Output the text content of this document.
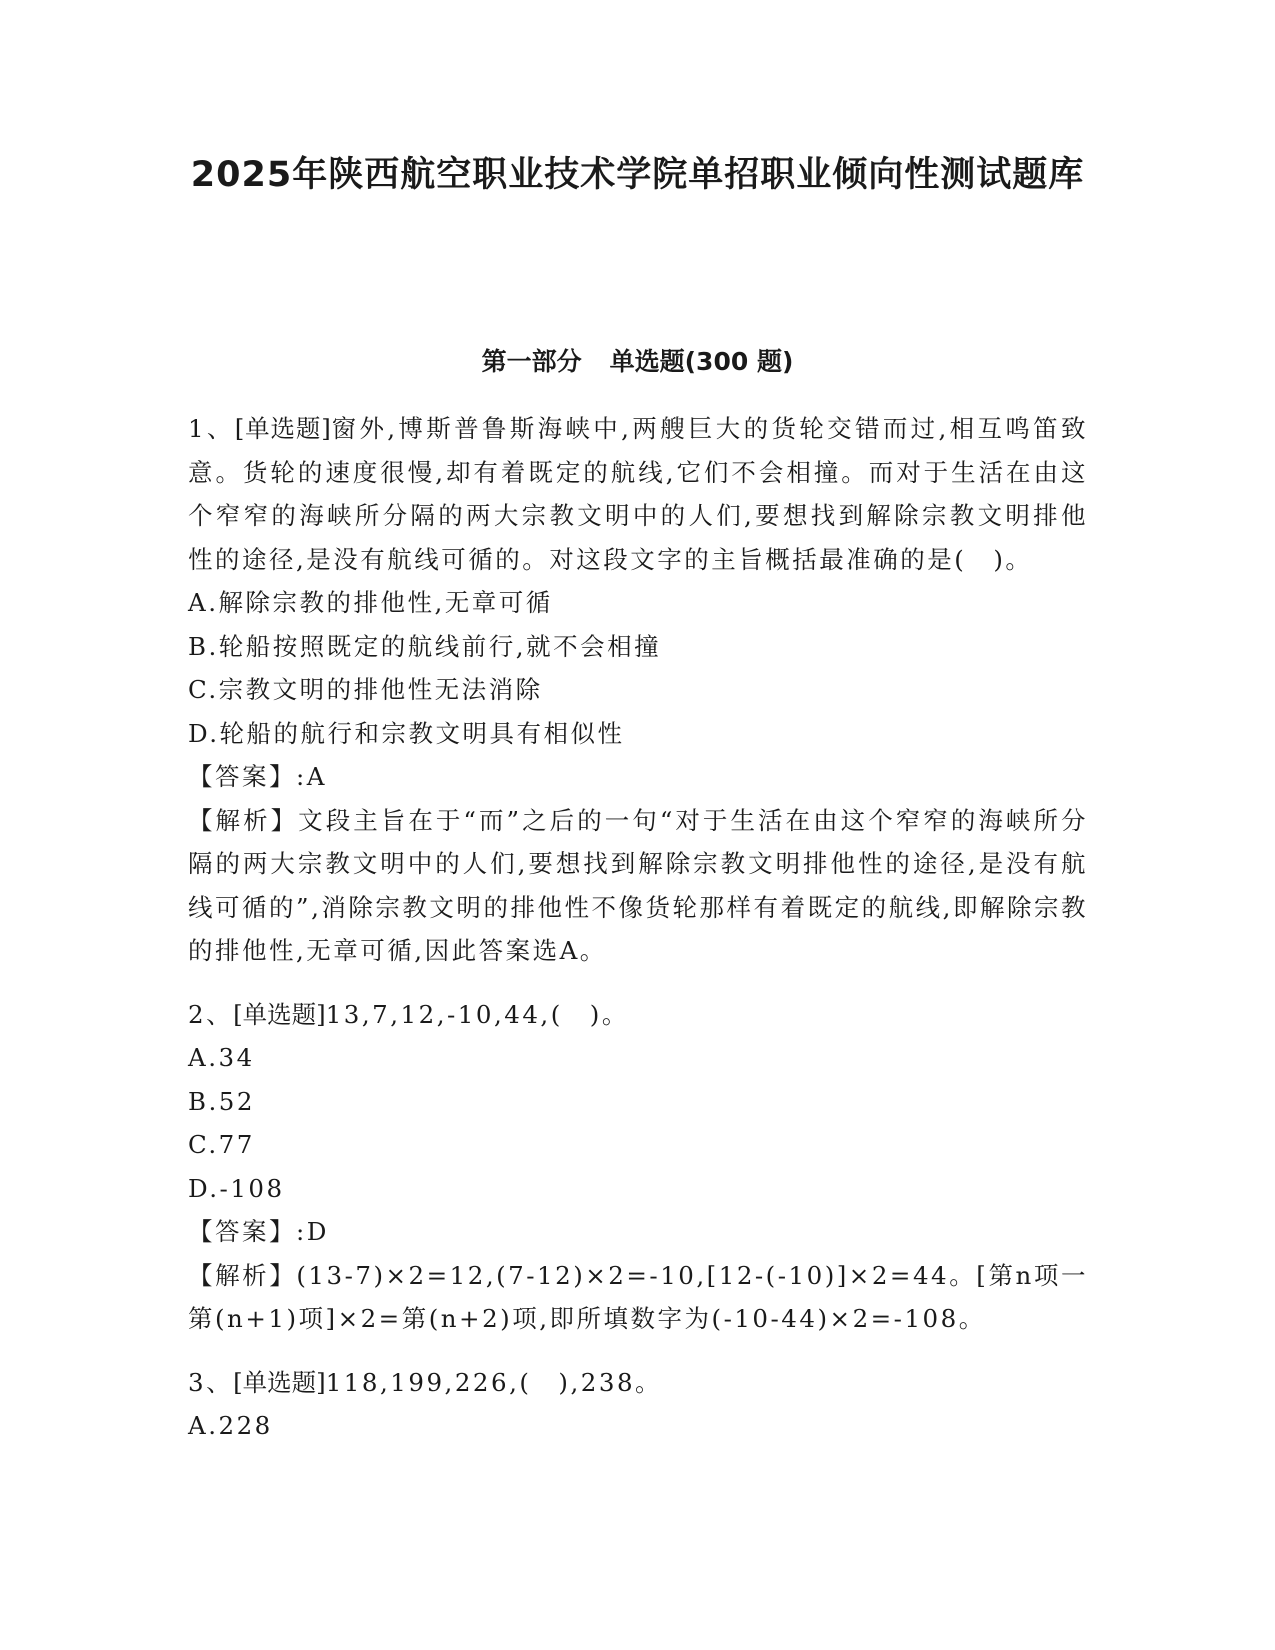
2025年陕西航空职业技术学院单招职业倾向性测试题库
第一部分 单选题(300 题)

1、[单选题]窗外,博斯普鲁斯海峡中,两艘巨大的货轮交错而过,相互鸣笛致意。货轮的速度很慢,却有着既定的航线,它们不会相撞。而对于生活在由这个窄窄的海峡所分隔的两大宗教文明中的人们,要想找到解除宗教文明排他性的途径,是没有航线可循的。对这段文字的主旨概括最准确的是(　)。

A.解除宗教的排他性,无章可循

B.轮船按照既定的航线前行,就不会相撞

C.宗教文明的排他性无法消除

D.轮船的航行和宗教文明具有相似性

【答案】:A

【解析】文段主旨在于“而”之后的一句“对于生活在由这个窄窄的海峡所分隔的两大宗教文明中的人们,要想找到解除宗教文明排他性的途径,是没有航线可循的”,消除宗教文明的排他性不像货轮那样有着既定的航线,即解除宗教的排他性,无章可循,因此答案选A。

2、[单选题]13,7,12,-10,44,(　)。

A.34

B.52

C.77

D.-108

【答案】:D

【解析】(13-7)×2=12,(7-12)×2=-10,[12-(-10)]×2=44。[第n项一第(n+1)项]×2=第(n+2)项,即所填数字为(-10-44)×2=-108。

3、[单选题]118,199,226,(　),238。

A.228
